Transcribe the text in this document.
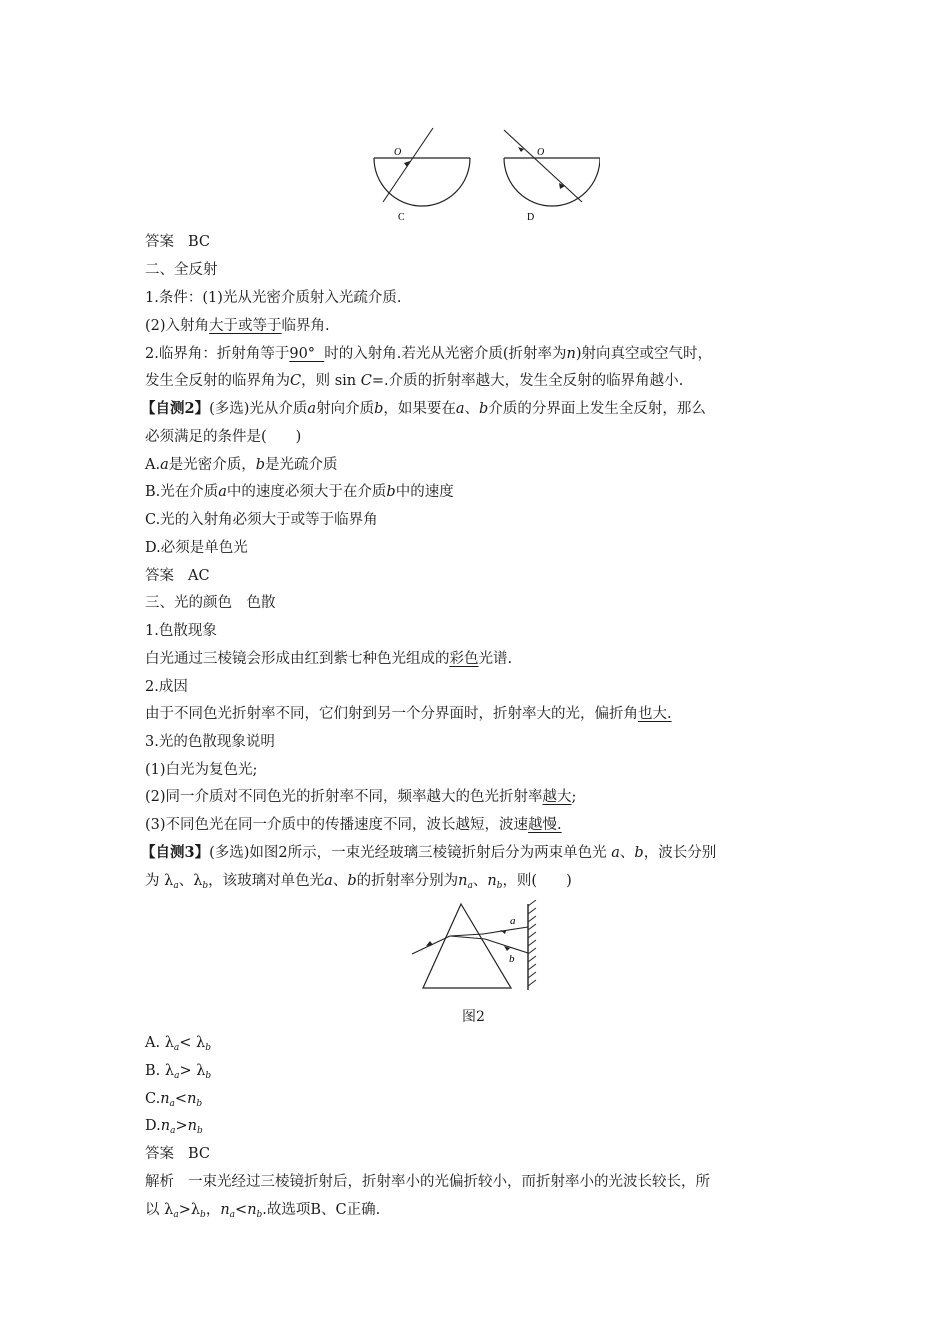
O
C
O
D
答案 BC
二、全反射
1.条件：(1)光从光密介质射入光疏介质.
(2)入射角大于或等于临界角.
2.临界角：折射角等于90° 时的入射角.若光从光密介质(折射率为n)射向真空或空气时，
发生全反射的临界角为C，则 sin C=.介质的折射率越大，发生全反射的临界角越小.
【自测2】(多选)光从介质a射向介质b，如果要在a、b介质的分界面上发生全反射，那么
必须满足的条件是(　　)
A.a是光密介质，b是光疏介质
B.光在介质a中的速度必须大于在介质b中的速度
C.光的入射角必须大于或等于临界角
D.必须是单色光
答案 AC
三、光的颜色　色散
1.色散现象
白光通过三棱镜会形成由红到紫七种色光组成的彩色光谱.
2.成因
由于不同色光折射率不同，它们射到另一个分界面时，折射率大的光，偏折角也大.
3.光的色散现象说明
(1)白光为复色光;
(2)同一介质对不同色光的折射率不同，频率越大的色光折射率越大;
(3)不同色光在同一介质中的传播速度不同，波长越短，波速越慢.
【自测3】(多选)如图2所示，一束光经玻璃三棱镜折射后分为两束单色光 a、b，波长分别
为 $\lambda_a$、$\lambda_b$，该玻璃对单色光a、b的折射率分别为$n_a$、$n_b$，则(　　)
a
b
图2
A. $\lambda_a< \lambda_b$
B. $\lambda_a> \lambda_b$
$C.n_a<n_b$
$D.n_a>n_b$
答案 BC
解析 一束光经过三棱镜折射后，折射率小的光偏折较小，而折射率小的光波长较长，所
以 $\lambda_a>\lambda_b$，$n_a<n_b$.故选项B、C正确.
